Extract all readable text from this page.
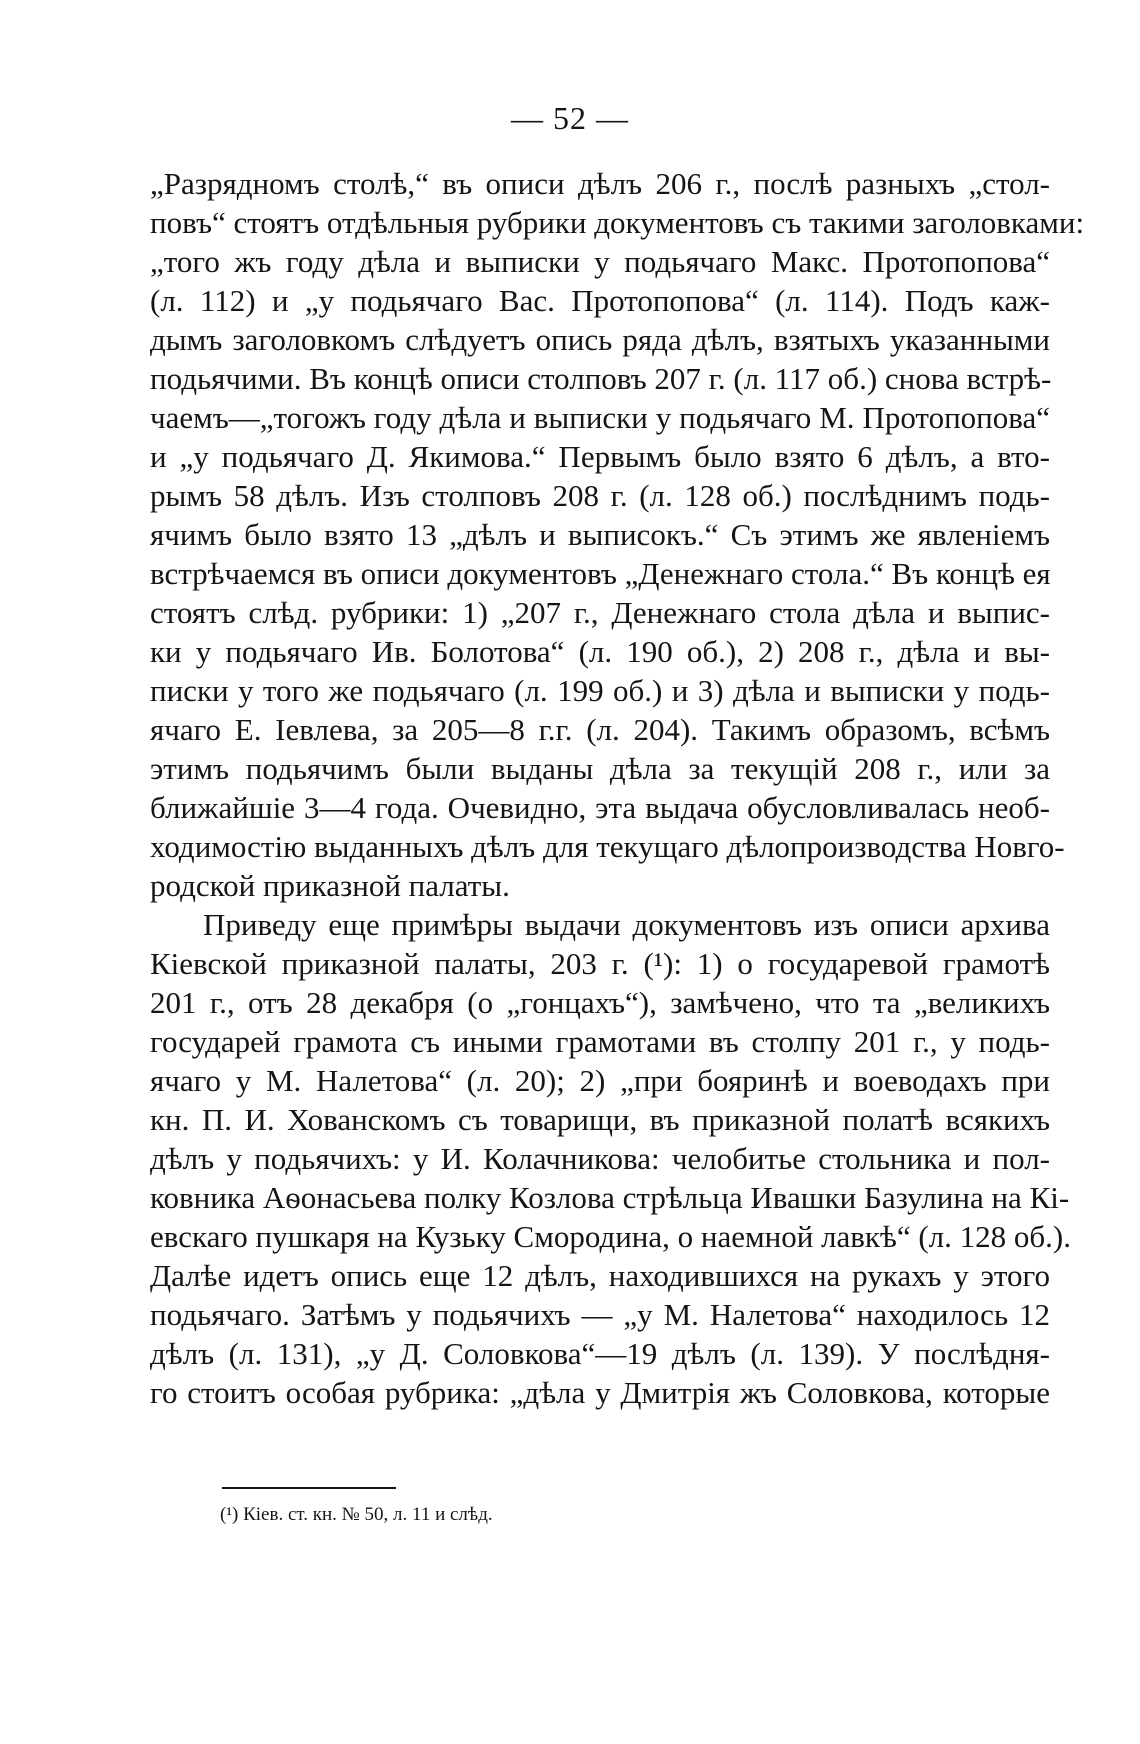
— 52 —
„Разрядномъ столѣ,“ въ описи дѣлъ 206 г., послѣ разныхъ „стол-
повъ“ стоятъ отдѣльныя рубрики документовъ съ такими заголовками:
„того жъ году дѣла и выписки у подьячаго Макс. Протопопова“
(л. 112) и „у подьячаго Вас. Протопопова“ (л. 114). Подъ каж-
дымъ заголовкомъ слѣдуетъ опись ряда дѣлъ, взятыхъ указанными
подьячими. Въ концѣ описи столповъ 207 г. (л. 117 об.) снова встрѣ-
чаемъ—„тогожъ году дѣла и выписки у подьячаго М. Протопопова“
и „у подьячаго Д. Якимова.“ Первымъ было взято 6 дѣлъ, а вто-
рымъ 58 дѣлъ. Изъ столповъ 208 г. (л. 128 об.) послѣднимъ подь-
ячимъ было взято 13 „дѣлъ и выписокъ.“ Съ этимъ же явленіемъ
встрѣчаемся въ описи документовъ „Денежнаго стола.“ Въ концѣ ея
стоятъ слѣд. рубрики: 1) „207 г., Денежнаго стола дѣла и выпис-
ки у подьячаго Ив. Болотова“ (л. 190 об.), 2) 208 г., дѣла и вы-
писки у того же подьячаго (л. 199 об.) и 3) дѣла и выписки у подь-
ячаго Е. Іевлева, за 205—8 г.г. (л. 204). Такимъ образомъ, всѣмъ
этимъ подьячимъ были выданы дѣла за текущій 208 г., или за
ближайшіе 3—4 года. Очевидно, эта выдача обусловливалась необ-
ходимостію выданныхъ дѣлъ для текущаго дѣлопроизводства Новго-
родской приказной палаты.
Приведу еще примѣры выдачи документовъ изъ описи архива
Кіевской приказной палаты, 203 г. (¹): 1) о государевой грамотѣ
201 г., отъ 28 декабря (о „гонцахъ“), замѣчено, что та „великихъ
государей грамота съ иными грамотами въ столпу 201 г., у подь-
ячаго у М. Налетова“ (л. 20); 2) „при бояринѣ и воеводахъ при
кн. П. И. Хованскомъ съ товарищи, въ приказной полатѣ всякихъ
дѣлъ у подьячихъ: у И. Колачникова: челобитье стольника и пол-
ковника Аѳонасьева полку Козлова стрѣльца Ивашки Базулина на Кі-
евскаго пушкаря на Кузьку Смородина, о наемной лавкѣ“ (л. 128 об.).
Далѣе идетъ опись еще 12 дѣлъ, находившихся на рукахъ у этого
подьячаго. Затѣмъ у подьячихъ — „у М. Налетова“ находилось 12
дѣлъ (л. 131), „у Д. Соловкова“—19 дѣлъ (л. 139). У послѣдня-
го стоитъ особая рубрика: „дѣла у Дмитрія жъ Соловкова, которые
(¹) Кіев. ст. кн. № 50, л. 11 и слѣд.
